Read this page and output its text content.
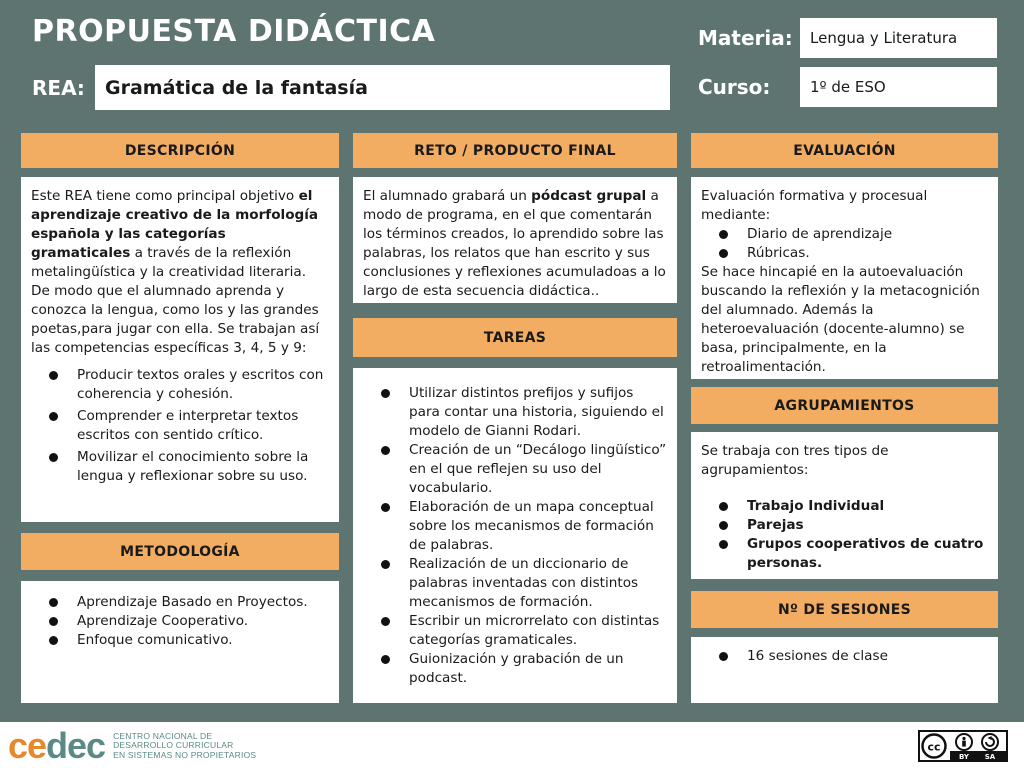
PROPUESTA DIDÁCTICA	Materia: Lengua y Literatura
Curso:	1º de ESO
REA: Gramática de la fantasía
DESCRIPCIÓN
Este REA tiene como principal objetivo el aprendizaje creativo de la morfología española y las categorías gramaticales a través de la reflexión metalingüística y la creatividad literaria. De modo que el alumnado aprenda y conozca la lengua, como los y las grandes poetas,para jugar con ella. Se trabajan así las competencias específicas 3, 4, 5 y 9:
Producir textos orales y escritos con coherencia y cohesión.
Comprender e interpretar textos escritos con sentido crítico.
Movilizar el conocimiento sobre la lengua y reflexionar sobre su uso.
METODOLOGÍA
Aprendizaje Basado en Proyectos.
Aprendizaje Cooperativo.
Enfoque comunicativo.
RETO / PRODUCTO FINAL
El alumnado grabará un pódcast grupal a modo de programa, en el que comentarán los términos creados, lo aprendido sobre las palabras, los relatos que han escrito y sus conclusiones y reflexiones acumuladoas a lo largo de esta secuencia didáctica..
TAREAS
Utilizar distintos prefijos y sufijos para contar una historia, siguiendo el modelo de Gianni Rodari.
Creación de un “Decálogo lingüístico” en el que reflejen su uso del vocabulario.
Elaboración de un mapa conceptual sobre los mecanismos de formación de palabras.
Realización de un diccionario de palabras inventadas con distintos mecanismos de formación.
Escribir un microrrelato con distintas categorías gramaticales.
Guionización y grabación de un podcast.
EVALUACIÓN
Evaluación formativa y procesual mediante:
Diario de aprendizaje
Rúbricas.
Se hace hincapié en la autoevaluación buscando la reflexión y la metacognición del alumnado. Además la heteroevaluación (docente-alumno) se basa, principalmente, en la retroalimentación.
AGRUPAMIENTOS
Se trabaja con tres tipos de agrupamientos:
Trabajo Individual
Parejas
Grupos cooperativos de cuatro personas.
Nº DE SESIONES
16 sesiones de clase
cedec CENTRO NACIONAL DE
DESARROLLO CURRICULAR
EN SISTEMAS NO PROPIETARIOS
cc
BY SA
